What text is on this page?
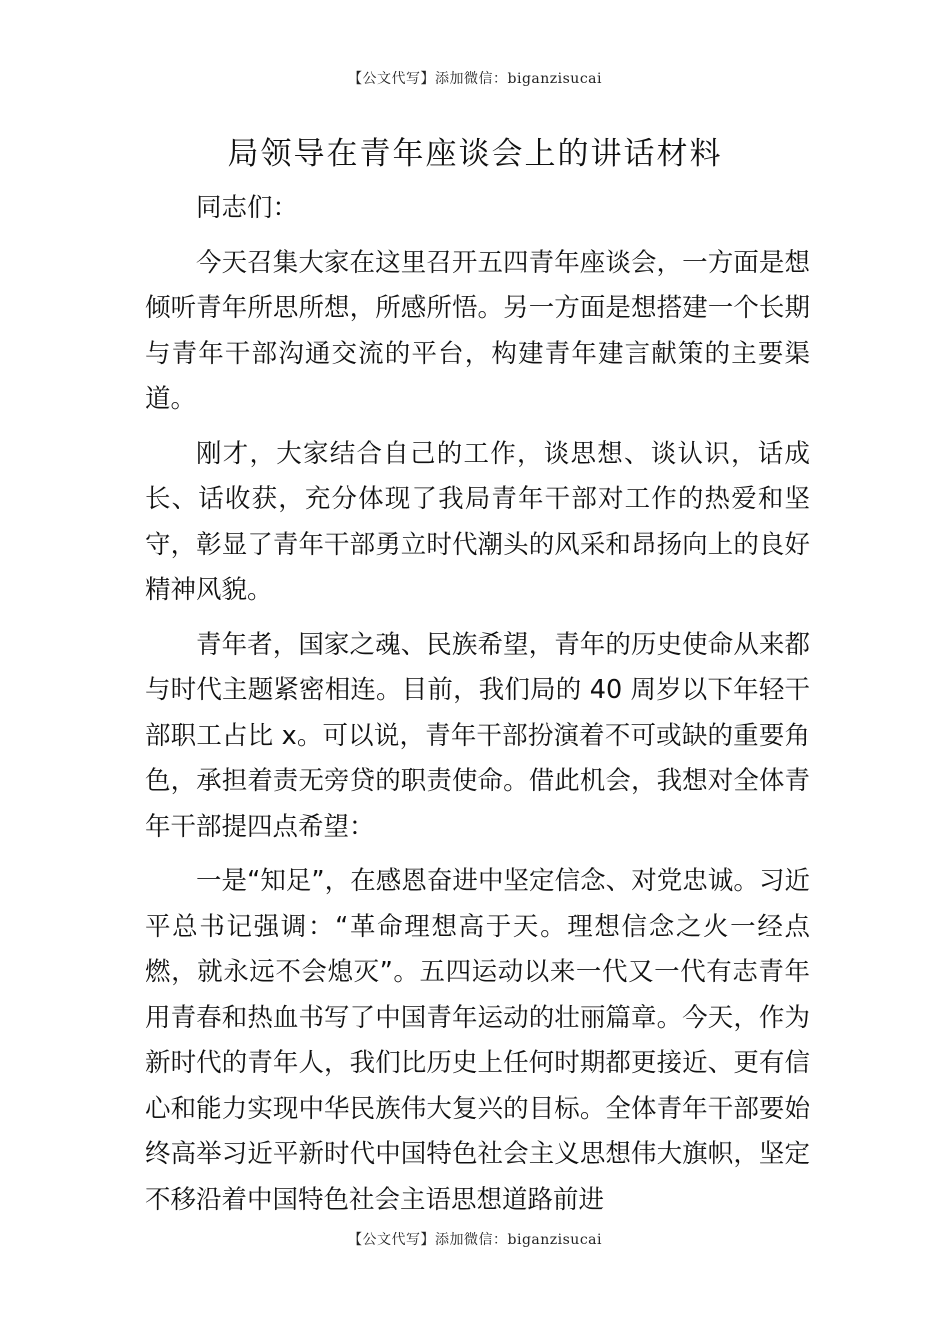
【公文代写】添加微信：biganzisucai
局领导在青年座谈会上的讲话材料

同志们：

今天召集大家在这里召开五四青年座谈会，一方面是想倾听青年所思所想，所感所悟。另一方面是想搭建一个长期与青年干部沟通交流的平台，构建青年建言献策的主要渠道。

刚才，大家结合自己的工作，谈思想、谈认识，话成长、话收获，充分体现了我局青年干部对工作的热爱和坚守，彰显了青年干部勇立时代潮头的风采和昂扬向上的良好精神风貌。

青年者，国家之魂、民族希望，青年的历史使命从来都与时代主题紧密相连。目前，我们局的 40 周岁以下年轻干部职工占比 x。可以说，青年干部扮演着不可或缺的重要角色，承担着责无旁贷的职责使命。借此机会，我想对全体青年干部提四点希望：

一是“知足”，在感恩奋进中坚定信念、对党忠诚。习近平总书记强调：“革命理想高于天。理想信念之火一经点燃，就永远不会熄灭”。五四运动以来一代又一代有志青年用青春和热血书写了中国青年运动的壮丽篇章。今天，作为新时代的青年人，我们比历史上任何时期都更接近、更有信心和能力实现中华民族伟大复兴的目标。全体青年干部要始终高举习近平新时代中国特色社会主义思想伟大旗帜，坚定不移沿着中国特色社会主语思想道路前进

【公文代写】添加微信：biganzisucai
